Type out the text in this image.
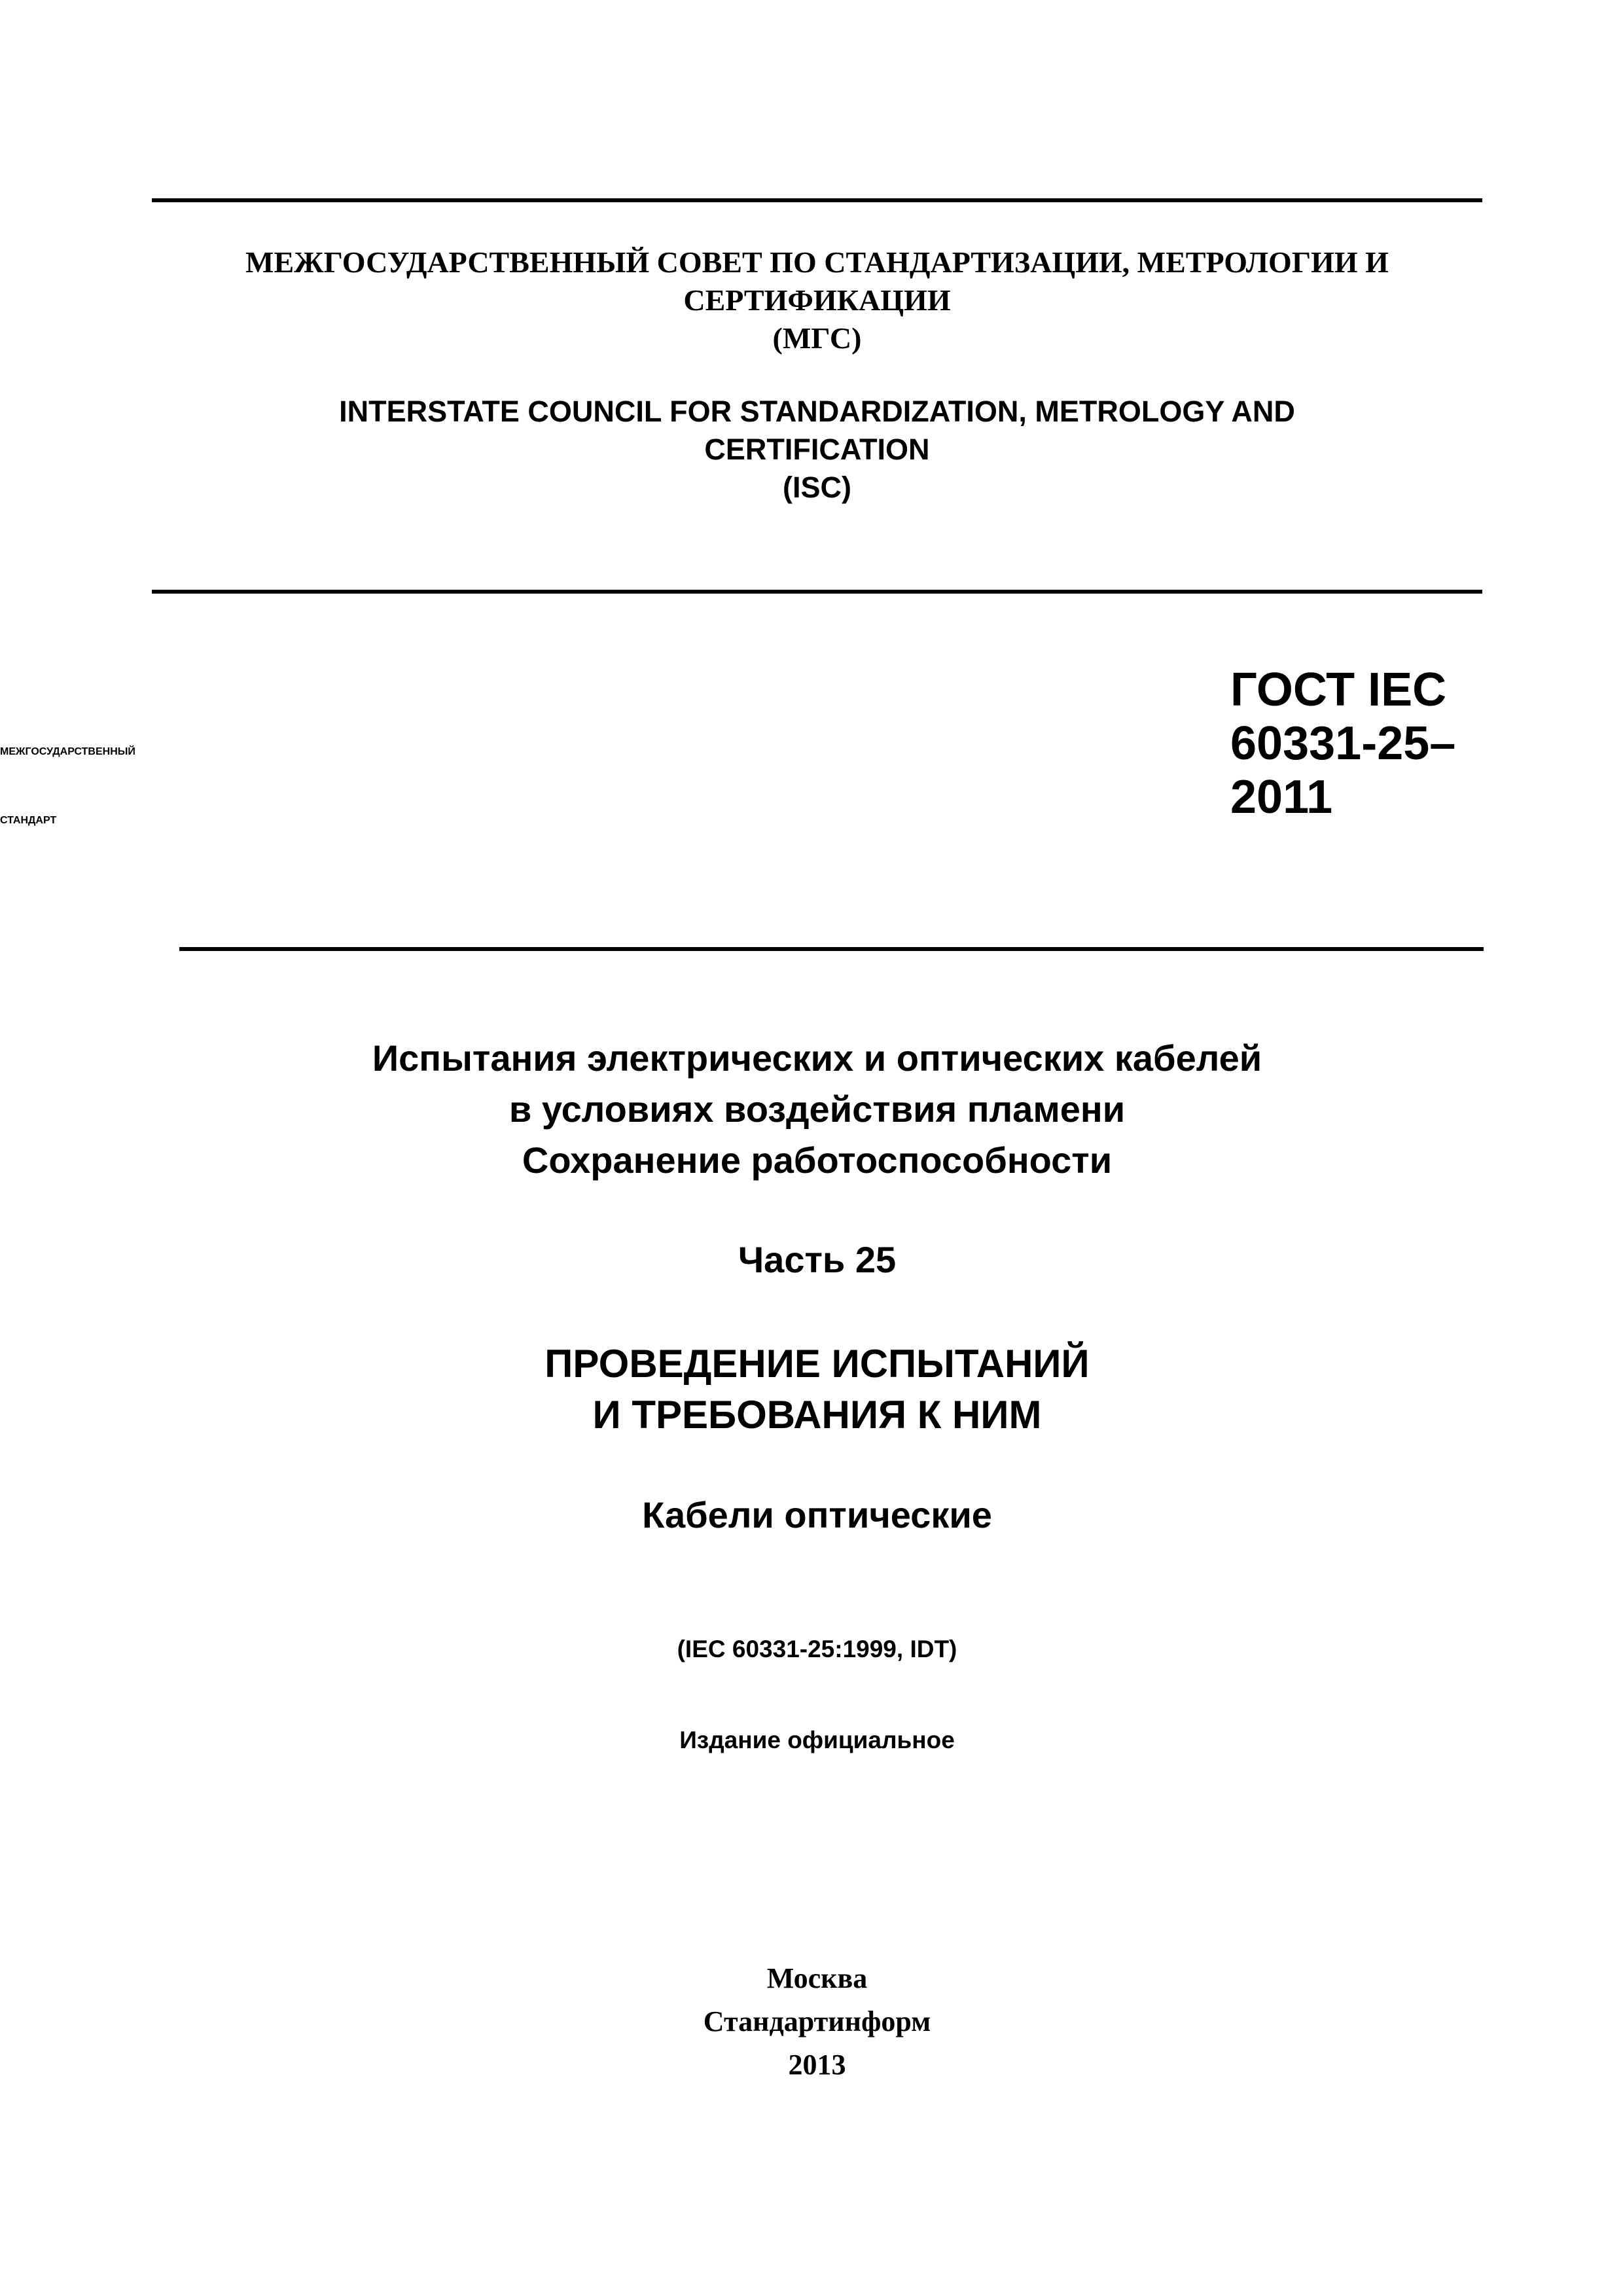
МЕЖГОСУДАРСТВЕННЫЙ СОВЕТ ПО СТАНДАРТИЗАЦИИ, МЕТРОЛОГИИ И
СЕРТИФИКАЦИИ
(МГС)
INTERSTATE COUNCIL FOR STANDARDIZATION, METROLOGY AND
CERTIFICATION
(ISC)
МЕЖГОСУДАРСТВЕННЫЙ
СТАНДАРТ
ГОСТ IEC
60331-25–
2011
Испытания электрических и оптических кабелей
в условиях воздействия пламени
Сохранение работоспособности
Часть 25
ПРОВЕДЕНИЕ ИСПЫТАНИЙ
И ТРЕБОВАНИЯ К НИМ
Кабели оптические
(IEC 60331-25:1999, IDT)
Издание официальное
Москва
Стандартинформ
2013
